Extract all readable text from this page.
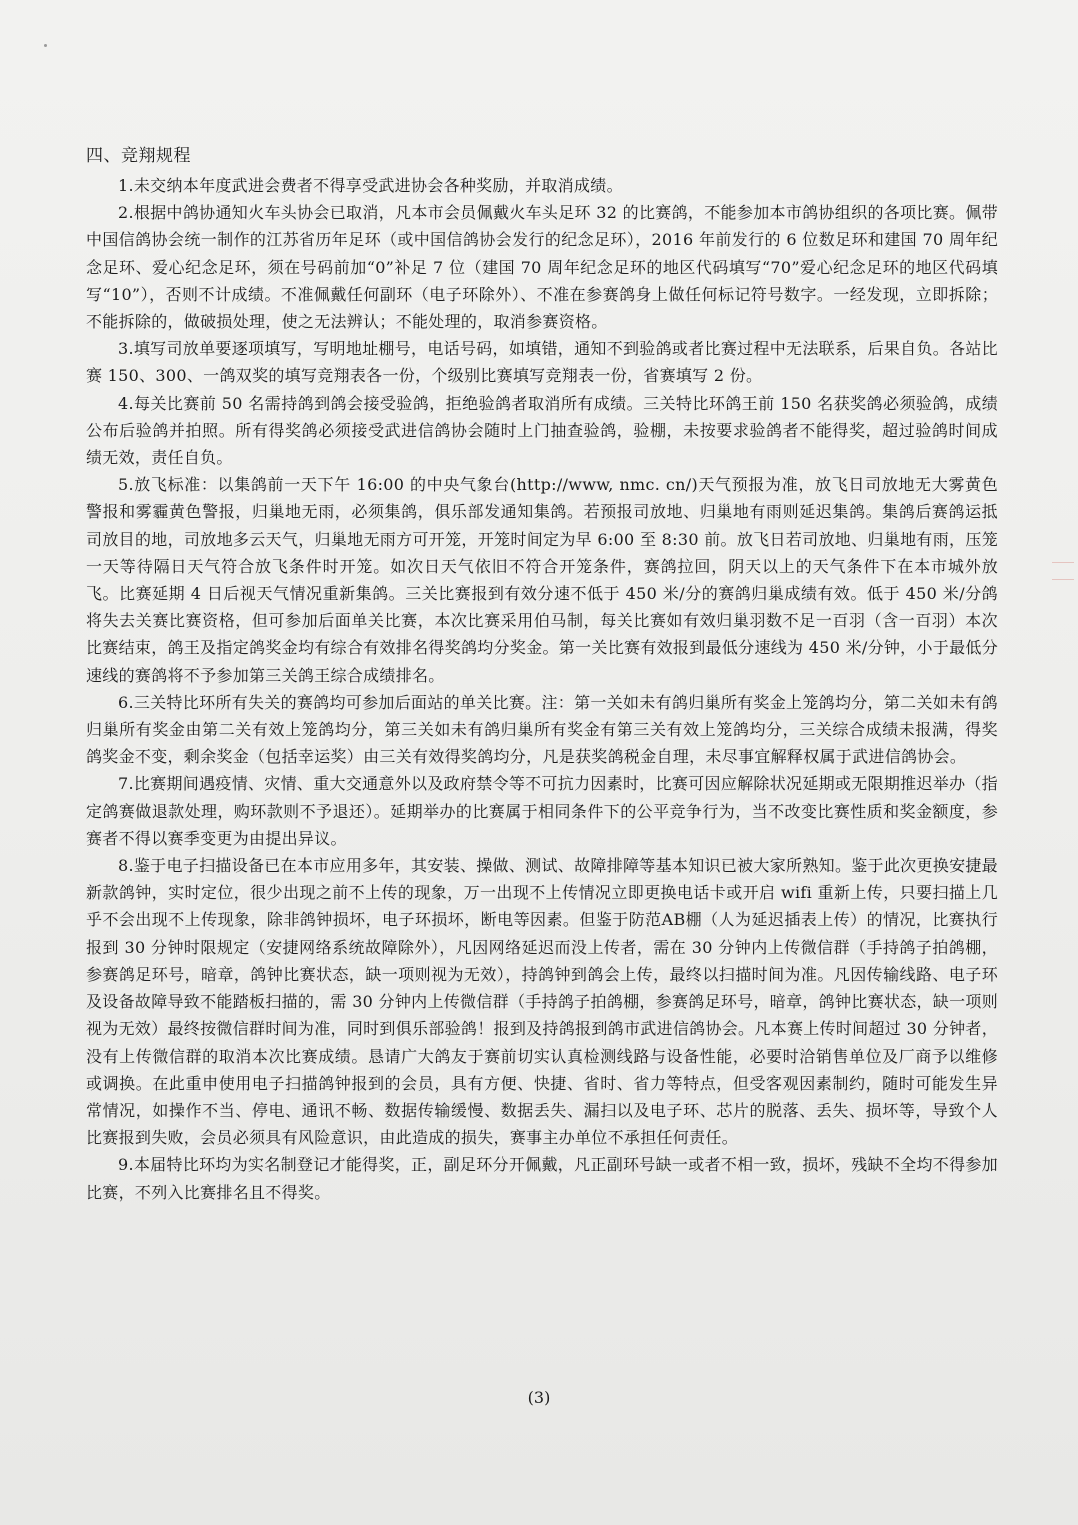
四、竞翔规程

1.未交纳本年度武进会费者不得享受武进协会各种奖励，并取消成绩。

2.根据中鸽协通知火车头协会已取消，凡本市会员佩戴火车头足环 32 的比赛鸽，不能参加本市鸽协组织的各项比赛。佩带中国信鸽协会统一制作的江苏省历年足环（或中国信鸽协会发行的纪念足环），2016 年前发行的 6 位数足环和建国 70 周年纪念足环、爱心纪念足环，须在号码前加“0”补足 7 位（建国 70 周年纪念足环的地区代码填写“70”爱心纪念足环的地区代码填写“10”），否则不计成绩。不准佩戴任何副环（电子环除外）、不准在参赛鸽身上做任何标记符号数字。一经发现，立即拆除；不能拆除的，做破损处理，使之无法辨认；不能处理的，取消参赛资格。

3.填写司放单要逐项填写，写明地址棚号，电话号码，如填错，通知不到验鸽或者比赛过程中无法联系，后果自负。各站比赛 150、300、一鸽双奖的填写竞翔表各一份，个级别比赛填写竞翔表一份，省赛填写 2 份。

4.每关比赛前 50 名需持鸽到鸽会接受验鸽，拒绝验鸽者取消所有成绩。三关特比环鸽王前 150 名获奖鸽必须验鸽，成绩公布后验鸽并拍照。所有得奖鸽必须接受武进信鸽协会随时上门抽查验鸽，验棚，未按要求验鸽者不能得奖，超过验鸽时间成绩无效，责任自负。

5.放飞标准：以集鸽前一天下午 16:00 的中央气象台(http://www, nmc. cn/)天气预报为准，放飞日司放地无大雾黄色警报和雾霾黄色警报，归巢地无雨，必须集鸽，俱乐部发通知集鸽。若预报司放地、归巢地有雨则延迟集鸽。集鸽后赛鸽运抵司放目的地，司放地多云天气，归巢地无雨方可开笼，开笼时间定为早 6:00 至 8:30 前。放飞日若司放地、归巢地有雨，压笼一天等待隔日天气符合放飞条件时开笼。如次日天气依旧不符合开笼条件，赛鸽拉回，阴天以上的天气条件下在本市城外放飞。比赛延期 4 日后视天气情况重新集鸽。三关比赛报到有效分速不低于 450 米/分的赛鸽归巢成绩有效。低于 450 米/分鸽将失去关赛比赛资格，但可参加后面单关比赛，本次比赛采用伯马制，每关比赛如有效归巢羽数不足一百羽（含一百羽）本次比赛结束，鸽王及指定鸽奖金均有综合有效排名得奖鸽均分奖金。第一关比赛有效报到最低分速线为 450 米/分钟，小于最低分速线的赛鸽将不予参加第三关鸽王综合成绩排名。

6.三关特比环所有失关的赛鸽均可参加后面站的单关比赛。注：第一关如未有鸽归巢所有奖金上笼鸽均分，第二关如未有鸽归巢所有奖金由第二关有效上笼鸽均分，第三关如未有鸽归巢所有奖金有第三关有效上笼鸽均分，三关综合成绩未报满，得奖鸽奖金不变，剩余奖金（包括幸运奖）由三关有效得奖鸽均分，凡是获奖鸽税金自理，未尽事宜解释权属于武进信鸽协会。

7.比赛期间遇疫情、灾情、重大交通意外以及政府禁令等不可抗力因素时，比赛可因应解除状况延期或无限期推迟举办（指定鸽赛做退款处理，购环款则不予退还）。延期举办的比赛属于相同条件下的公平竞争行为，当不改变比赛性质和奖金额度，参赛者不得以赛季变更为由提出异议。

8.鉴于电子扫描设备已在本市应用多年，其安装、操做、测试、故障排障等基本知识已被大家所熟知。鉴于此次更换安捷最新款鸽钟，实时定位，很少出现之前不上传的现象，万一出现不上传情况立即更换电话卡或开启 wifi 重新上传，只要扫描上几乎不会出现不上传现象，除非鸽钟损坏，电子环损坏，断电等因素。但鉴于防范AB棚（人为延迟插表上传）的情况，比赛执行报到 30 分钟时限规定（安捷网络系统故障除外），凡因网络延迟而没上传者，需在 30 分钟内上传微信群（手持鸽子拍鸽棚，参赛鸽足环号，暗章，鸽钟比赛状态，缺一项则视为无效），持鸽钟到鸽会上传，最终以扫描时间为准。凡因传输线路、电子环及设备故障导致不能踏板扫描的，需 30 分钟内上传微信群（手持鸽子拍鸽棚，参赛鸽足环号，暗章，鸽钟比赛状态，缺一项则视为无效）最终按微信群时间为准，同时到俱乐部验鸽！报到及持鸽报到鸽市武进信鸽协会。凡本赛上传时间超过 30 分钟者，没有上传微信群的取消本次比赛成绩。恳请广大鸽友于赛前切实认真检测线路与设备性能，必要时洽销售单位及厂商予以维修或调换。在此重申使用电子扫描鸽钟报到的会员，具有方便、快捷、省时、省力等特点，但受客观因素制约，随时可能发生异常情况，如操作不当、停电、通讯不畅、数据传输缓慢、数据丢失、漏扫以及电子环、芯片的脱落、丢失、损坏等，导致个人比赛报到失败，会员必须具有风险意识，由此造成的损失，赛事主办单位不承担任何责任。

9.本届特比环均为实名制登记才能得奖，正，副足环分开佩戴，凡正副环号缺一或者不相一致，损坏，残缺不全均不得参加比赛，不列入比赛排名且不得奖。

(3)
